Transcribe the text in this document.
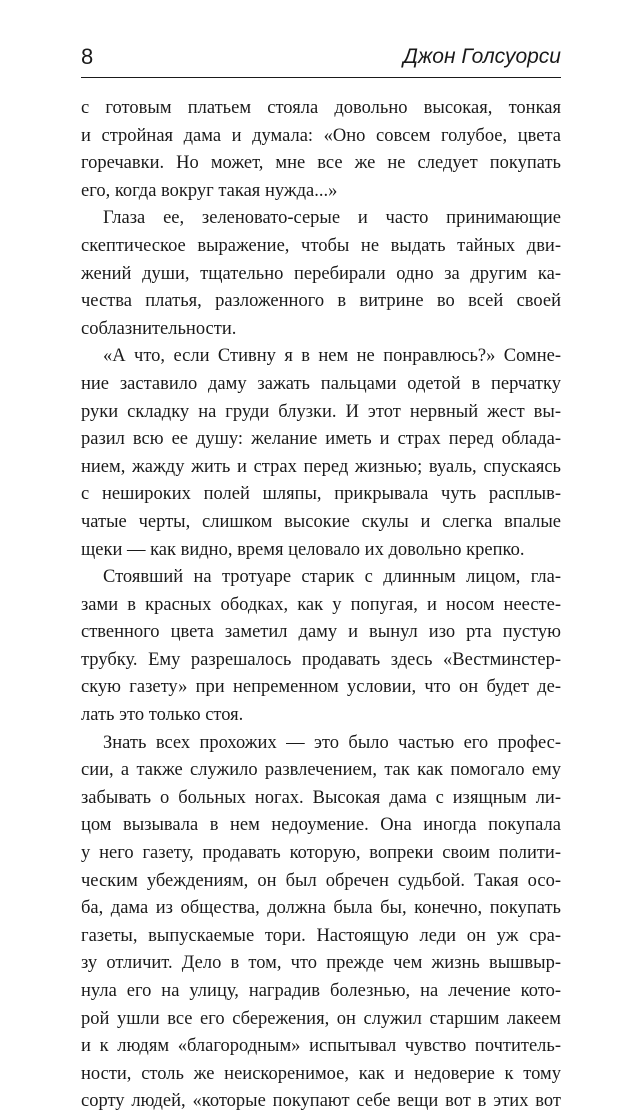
8	Джон Голсуорси
с готовым платьем стояла довольно высокая, тонкая
и стройная дама и думала: «Оно совсем голубое, цвета
горечавки. Но может, мне все же не следует покупать
его, когда вокруг такая нужда...»
Глаза ее, зеленовато-серые и часто принимающие
скептическое выражение, чтобы не выдать тайных дви-
жений души, тщательно перебирали одно за другим ка-
чества платья, разложенного в витрине во всей своей
соблазнительности.
«А что, если Стивну я в нем не понравлюсь?» Сомне-
ние заставило даму зажать пальцами одетой в перчатку
руки складку на груди блузки. И этот нервный жест вы-
разил всю ее душу: желание иметь и страх перед облада-
нием, жажду жить и страх перед жизнью; вуаль, спускаясь
с нешироких полей шляпы, прикрывала чуть расплыв-
чатые черты, слишком высокие скулы и слегка впалые
щеки — как видно, время целовало их довольно крепко.
Стоявший на тротуаре старик с длинным лицом, гла-
зами в красных ободках, как у попугая, и носом неесте-
ственного цвета заметил даму и вынул изо рта пустую
трубку. Ему разрешалось продавать здесь «Вестминстер-
скую газету» при непременном условии, что он будет де-
лать это только стоя.
Знать всех прохожих — это было частью его профес-
сии, а также служило развлечением, так как помогало ему
забывать о больных ногах. Высокая дама с изящным ли-
цом вызывала в нем недоумение. Она иногда покупала
у него газету, продавать которую, вопреки своим полити-
ческим убеждениям, он был обречен судьбой. Такая осо-
ба, дама из общества, должна была бы, конечно, покупать
газеты, выпускаемые тори. Настоящую леди он уж сра-
зу отличит. Дело в том, что прежде чем жизнь вышвыр-
нула его на улицу, наградив болезнью, на лечение кото-
рой ушли все его сбережения, он служил старшим лакеем
и к людям «благородным» испытывал чувство почтитель-
ности, столь же неискоренимое, как и недоверие к тому
сорту людей, «которые покупают себе вещи вот в этих вот
